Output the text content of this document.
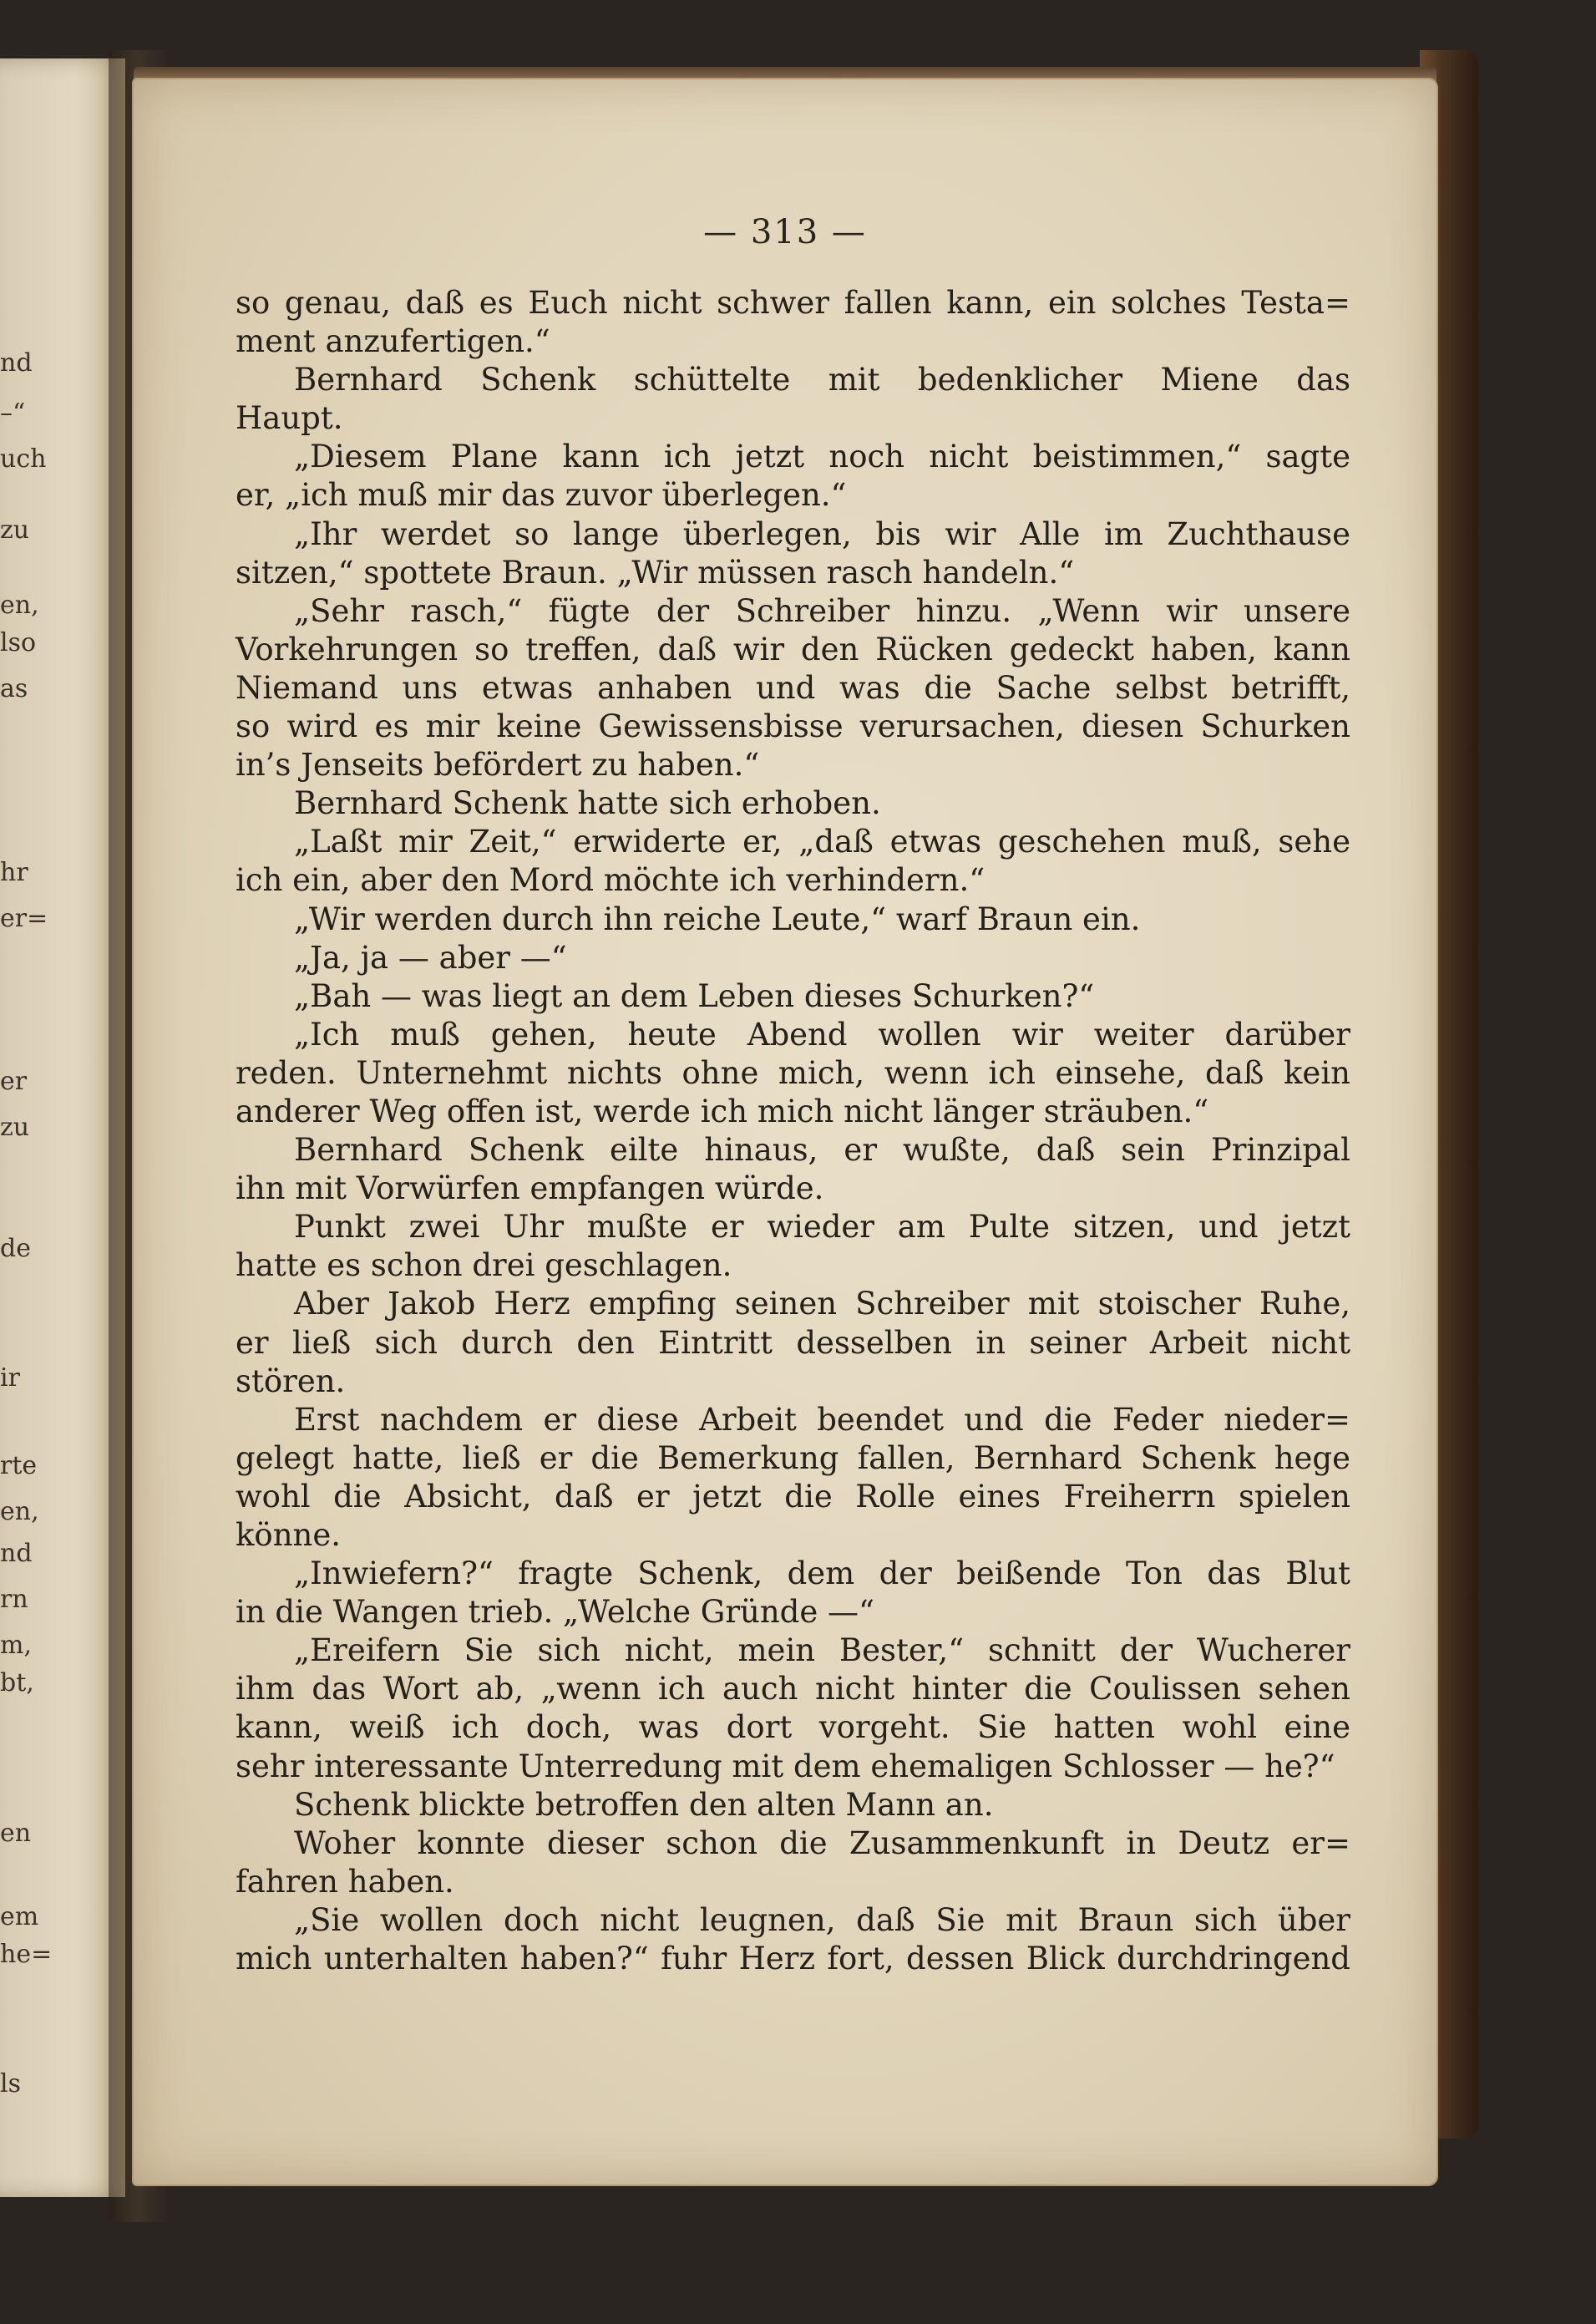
nd
–“
uch
zu
en,
lso
as
hr
er=
er
zu
de
ir
rte
en,
nd
rn
m,
bt,
en
em
he=
ls
— 313 —
so genau, daß es Euch nicht schwer fallen kann, ein solches Testa=
ment anzufertigen.“
Bernhard Schenk schüttelte mit bedenklicher Miene das
Haupt.
„Diesem Plane kann ich jetzt noch nicht beistimmen,“ sagte
er, „ich muß mir das zuvor überlegen.“
„Ihr werdet so lange überlegen, bis wir Alle im Zuchthause
sitzen,“ spottete Braun. „Wir müssen rasch handeln.“
„Sehr rasch,“ fügte der Schreiber hinzu. „Wenn wir unsere
Vorkehrungen so treffen, daß wir den Rücken gedeckt haben, kann
Niemand uns etwas anhaben und was die Sache selbst betrifft,
so wird es mir keine Gewissensbisse verursachen, diesen Schurken
in’s Jenseits befördert zu haben.“
Bernhard Schenk hatte sich erhoben.
„Laßt mir Zeit,“ erwiderte er, „daß etwas geschehen muß, sehe
ich ein, aber den Mord möchte ich verhindern.“
„Wir werden durch ihn reiche Leute,“ warf Braun ein.
„Ja, ja — aber —“
„Bah — was liegt an dem Leben dieses Schurken?“
„Ich muß gehen, heute Abend wollen wir weiter darüber
reden. Unternehmt nichts ohne mich, wenn ich einsehe, daß kein
anderer Weg offen ist, werde ich mich nicht länger sträuben.“
Bernhard Schenk eilte hinaus, er wußte, daß sein Prinzipal
ihn mit Vorwürfen empfangen würde.
Punkt zwei Uhr mußte er wieder am Pulte sitzen, und jetzt
hatte es schon drei geschlagen.
Aber Jakob Herz empfing seinen Schreiber mit stoischer Ruhe,
er ließ sich durch den Eintritt desselben in seiner Arbeit nicht
stören.
Erst nachdem er diese Arbeit beendet und die Feder nieder=
gelegt hatte, ließ er die Bemerkung fallen, Bernhard Schenk hege
wohl die Absicht, daß er jetzt die Rolle eines Freiherrn spielen
könne.
„Inwiefern?“ fragte Schenk, dem der beißende Ton das Blut
in die Wangen trieb. „Welche Gründe —“
„Ereifern Sie sich nicht, mein Bester,“ schnitt der Wucherer
ihm das Wort ab, „wenn ich auch nicht hinter die Coulissen sehen
kann, weiß ich doch, was dort vorgeht. Sie hatten wohl eine
sehr interessante Unterredung mit dem ehemaligen Schlosser — he?“
Schenk blickte betroffen den alten Mann an.
Woher konnte dieser schon die Zusammenkunft in Deutz er=
fahren haben.
„Sie wollen doch nicht leugnen, daß Sie mit Braun sich über
mich unterhalten haben?“ fuhr Herz fort, dessen Blick durchdringend
